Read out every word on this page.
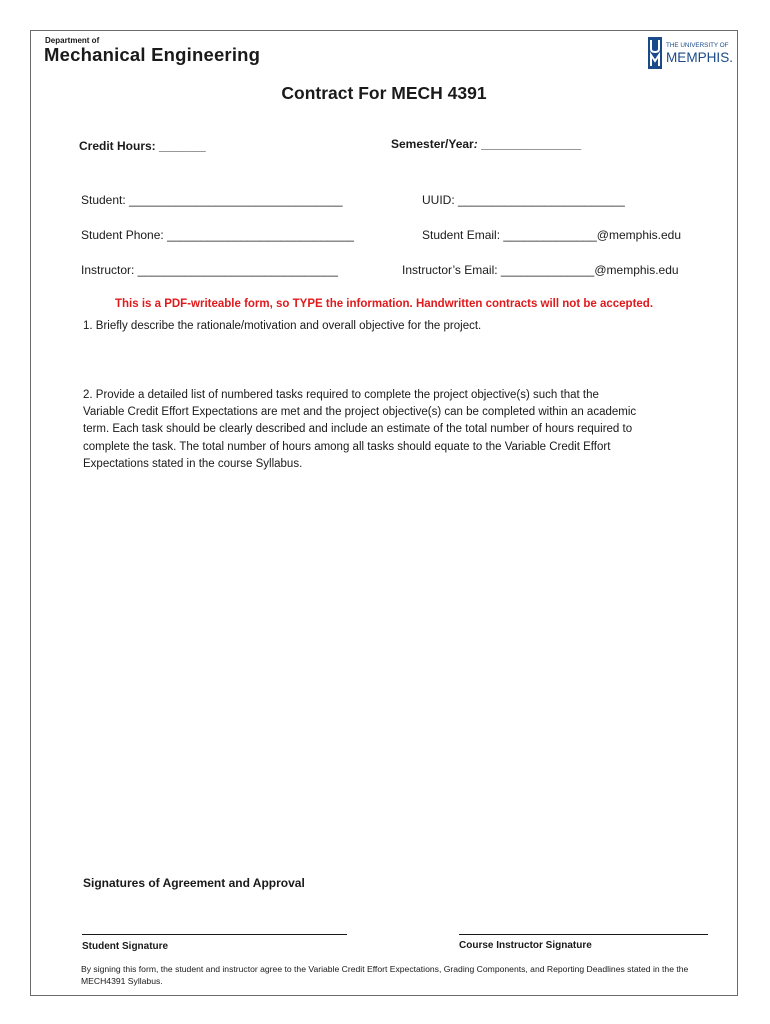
Department of
Mechanical Engineering	THE UNIVERSITY OF
MEMPHIS.
Contract For MECH 4391
Credit Hours: _______	Semester/Year: _______________
Student: ________________________________	UUID: _________________________
Student Phone: ____________________________	Student Email: ______________@memphis.edu
Instructor: ______________________________	Instructor’s Email: ______________@memphis.edu
This is a PDF-writeable form, so TYPE the information. Handwritten contracts will not be accepted.
1. Briefly describe the rationale/motivation and overall objective for the project.
2. Provide a detailed list of numbered tasks required to complete the project objective(s) such that the
Variable Credit Effort Expectations are met and the project objective(s) can be completed within an academic
term. Each task should be clearly described and include an estimate of the total number of hours required to
complete the task. The total number of hours among all tasks should equate to the Variable Credit Effort
Expectations stated in the course Syllabus.
Signatures of Agreement and Approval
Student Signature	Course Instructor Signature
By signing this form, the student and instructor agree to the Variable Credit Effort Expectations, Grading Components, and Reporting Deadlines stated in the the MECH4391 Syllabus.
